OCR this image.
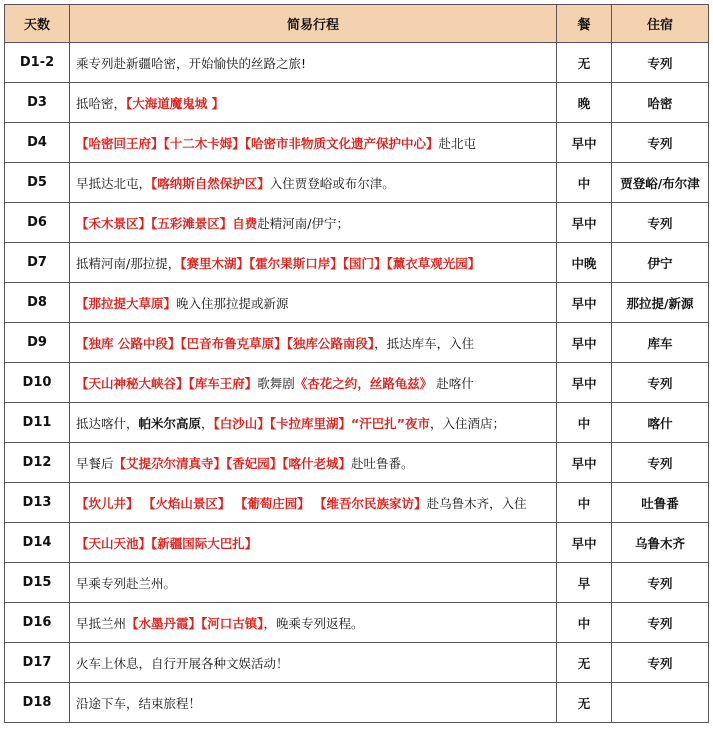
天数	简易行程	餐	住宿
D1-2	乘专列赴新疆哈密，开始愉快的丝路之旅!	无	专列
D3	抵哈密，【大海道魔鬼城 】	晚	哈密
D4	【哈密回王府】【十二木卡姆】【哈密市非物质文化遗产保护中心】赴北屯	早中	专列
D5	早抵达北屯，【喀纳斯自然保护区】入住贾登峪或布尔津。	中	贾登峪/布尔津
D6	【禾木景区】【五彩滩景区】自费赴精河南/伊宁；	早中	专列
D7	抵精河南/那拉提，【赛里木湖】【霍尔果斯口岸】【国门】【薰衣草观光园】	中晚	伊宁
D8	【那拉提大草原】晚入住那拉提或新源	早中	那拉提/新源
D9	【独库 公路中段】【巴音布鲁克草原】【独库公路南段】，抵达库车，入住	早中	库车
D10	【天山神秘大峡谷】【库车王府】歌舞剧《杏花之约，丝路龟兹》 赴喀什	早中	专列
D11	抵达喀什，帕米尔高原，【白沙山】【卡拉库里湖】“汗巴扎”夜市，入住酒店；	中	喀什
D12	早餐后【艾提尕尔清真寺】【香妃园】【喀什老城】赴吐鲁番。	早中	专列
D13	【坎儿井】 【火焰山景区】 【葡萄庄园】 【维吾尔民族家访】赴乌鲁木齐，入住	中	吐鲁番
D14	【天山天池】【新疆国际大巴扎】	早中	乌鲁木齐
D15	早乘专列赴兰州。	早	专列
D16	早抵兰州【水墨丹霞】【河口古镇】，晚乘专列返程。	中	专列
D17	火车上休息，自行开展各种文娱活动！	无	专列
D18	沿途下车，结束旅程！	无	
